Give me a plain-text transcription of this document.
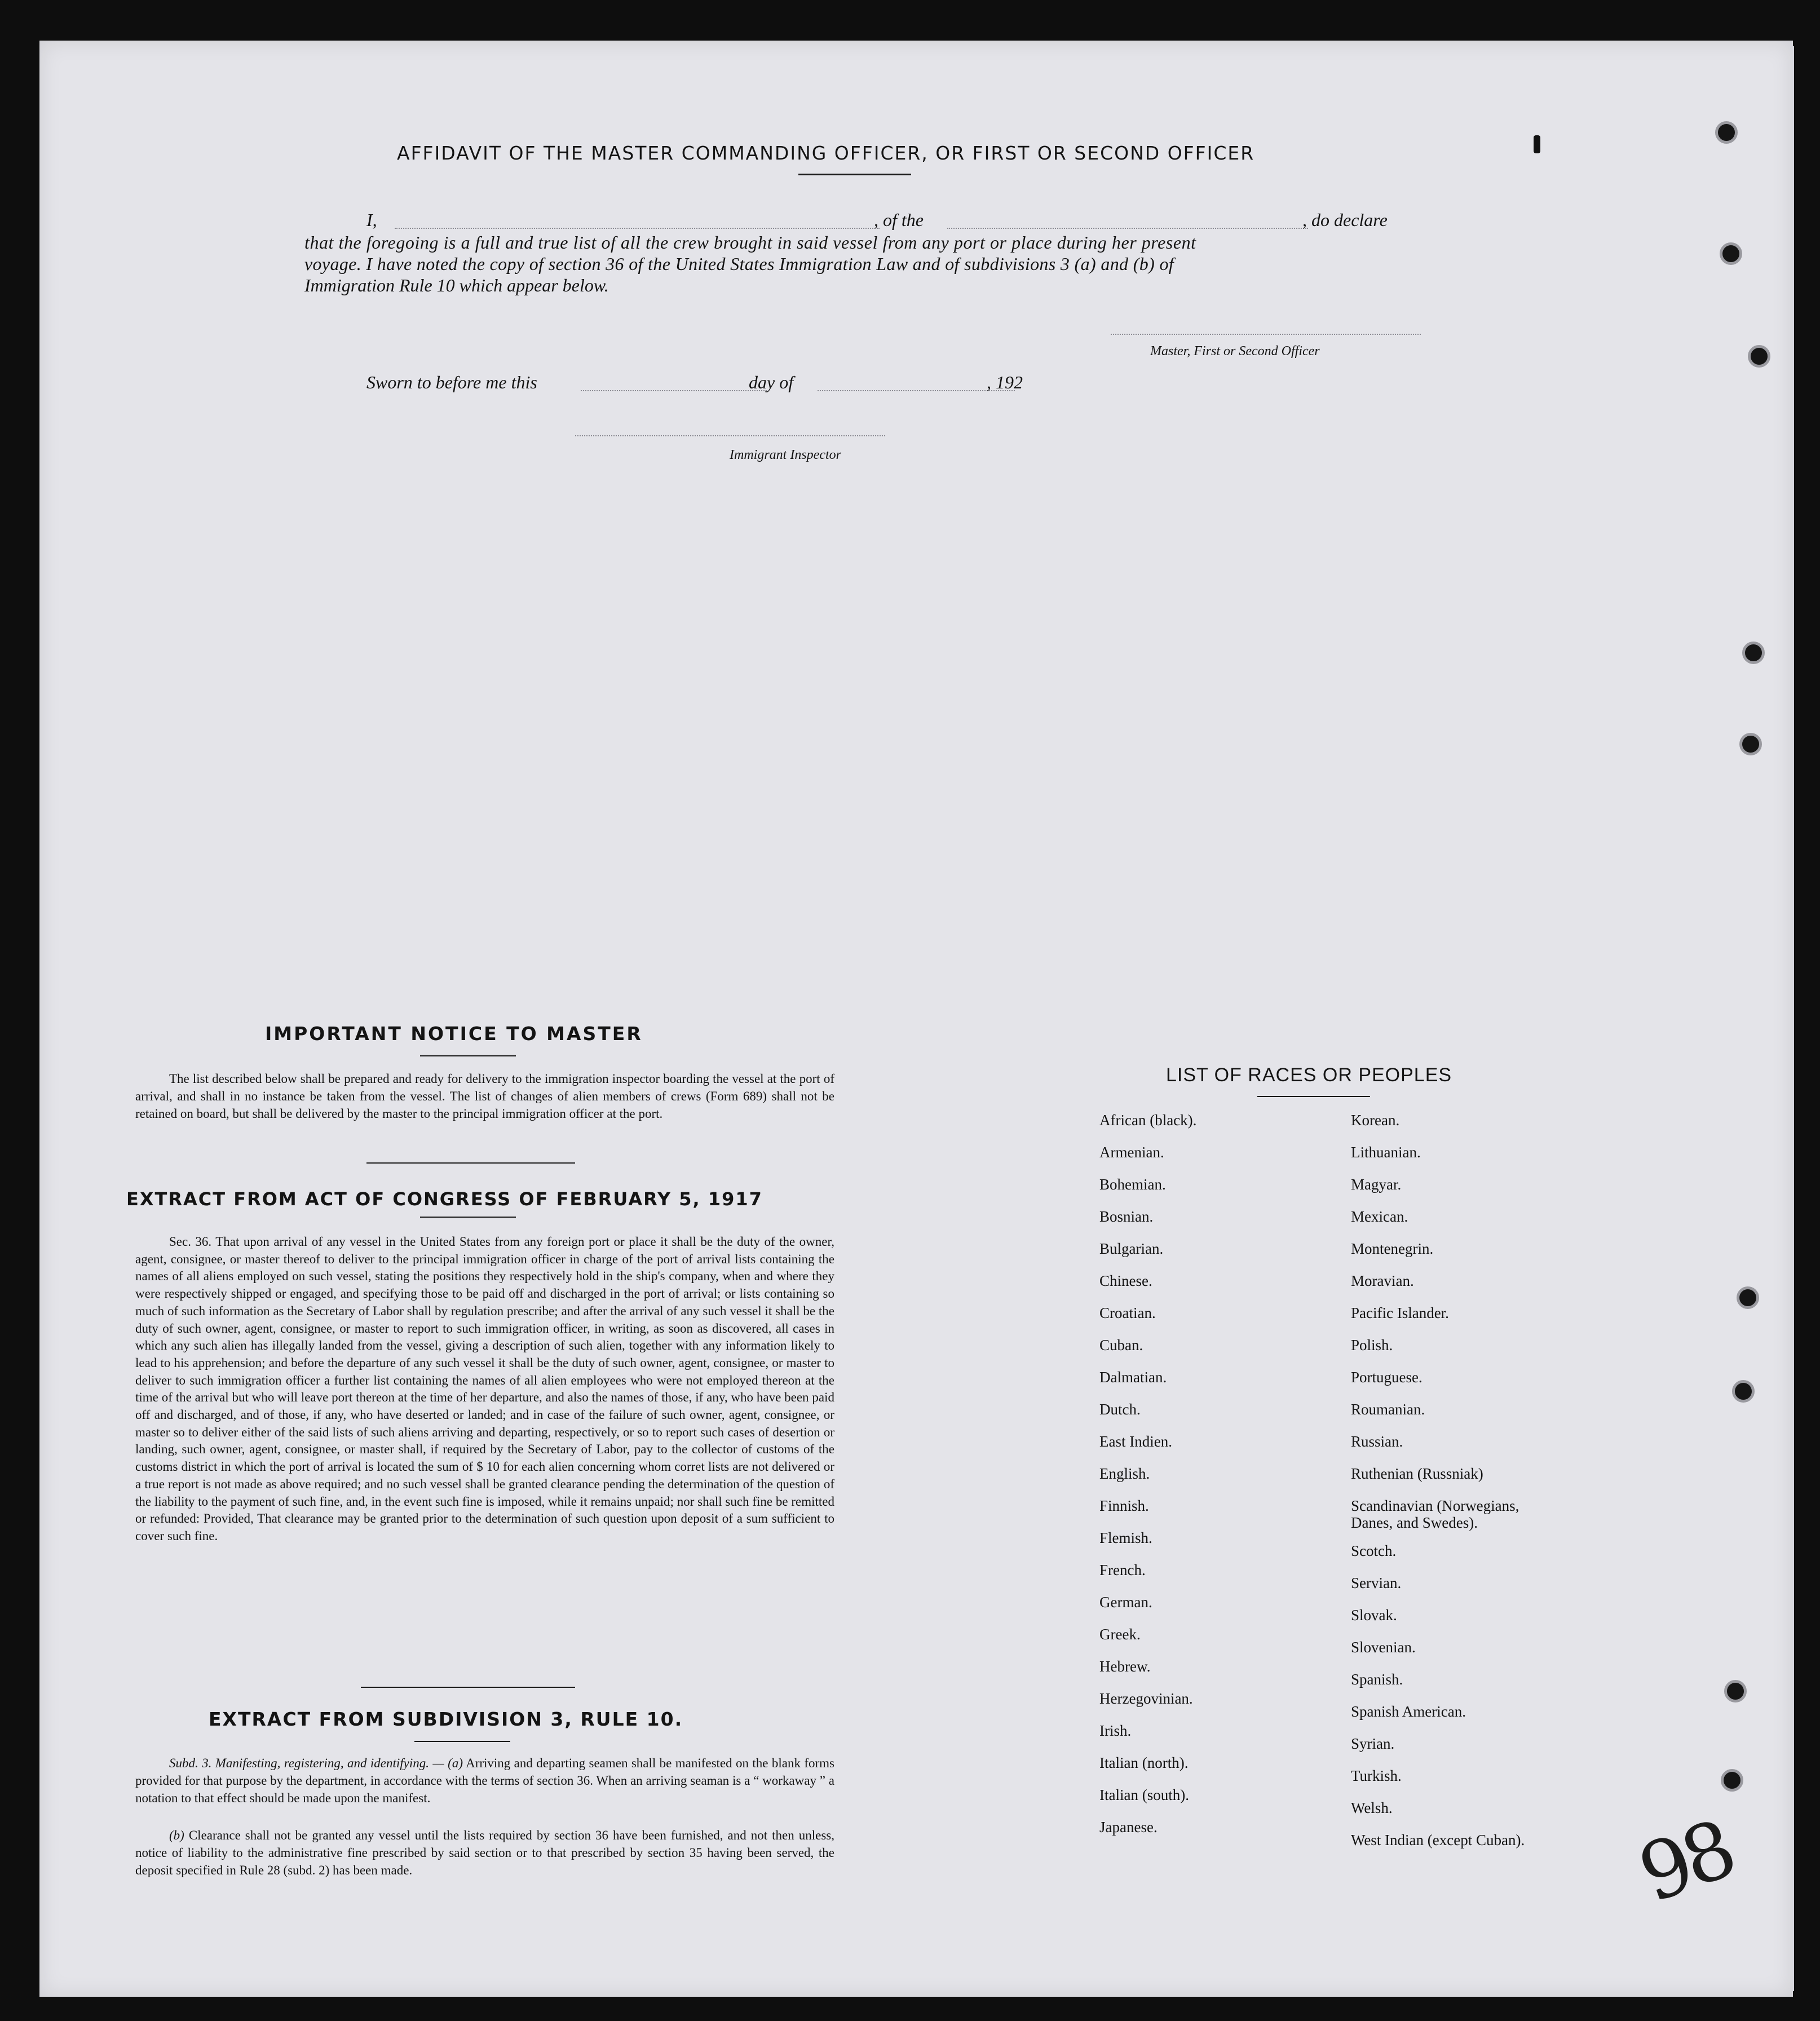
AFFIDAVIT OF THE MASTER COMMANDING OFFICER, OR FIRST OR SECOND OFFICER
I,	, of the	, do declare
that the foregoing is a full and true list of all the crew brought in said vessel from any port or place during her present
voyage. I have noted the copy of section 36 of the United States Immigration Law and of subdivisions 3 (a) and (b) of
Immigration Rule 10 which appear below.
Master, First or Second Officer
Sworn to before me this	day of	, 192
Immigrant Inspector
IMPORTANT NOTICE TO MASTER
The list described below shall be prepared and ready for delivery to the immigration inspector boarding the vessel at the port of arrival, and shall in no instance be taken from the vessel. The list of changes of alien members of crews (Form 689) shall not be retained on board, but shall be delivered by the master to the principal immigration officer at the port.
EXTRACT FROM ACT OF CONGRESS OF FEBRUARY 5, 1917
Sec. 36. That upon arrival of any vessel in the United States from any foreign port or place it shall be the duty of the owner, agent, consignee, or master thereof to deliver to the principal immigration officer in charge of the port of arrival lists containing the names of all aliens employed on such vessel, stating the positions they respectively hold in the ship's company, when and where they were respectively shipped or engaged, and specifying those to be paid off and discharged in the port of arrival; or lists containing so much of such information as the Secretary of Labor shall by regulation prescribe; and after the arrival of any such vessel it shall be the duty of such owner, agent, consignee, or master to report to such immigration officer, in writing, as soon as discovered, all cases in which any such alien has illegally landed from the vessel, giving a description of such alien, together with any information likely to lead to his apprehension; and before the departure of any such vessel it shall be the duty of such owner, agent, consignee, or master to deliver to such immigration officer a further list containing the names of all alien employees who were not employed thereon at the time of the arrival but who will leave port thereon at the time of her departure, and also the names of those, if any, who have been paid off and discharged, and of those, if any, who have deserted or landed; and in case of the failure of such owner, agent, consignee, or master so to deliver either of the said lists of such aliens arriving and departing, respectively, or so to report such cases of desertion or landing, such owner, agent, consignee, or master shall, if required by the Secretary of Labor, pay to the collector of customs of the customs district in which the port of arrival is located the sum of $ 10 for each alien concerning whom corret lists are not delivered or a true report is not made as above required; and no such vessel shall be granted clearance pending the determination of the question of the liability to the payment of such fine, and, in the event such fine is imposed, while it remains unpaid; nor shall such fine be remitted or refunded: Provided, That clearance may be granted prior to the determination of such question upon deposit of a sum sufficient to cover such fine.
EXTRACT FROM SUBDIVISION 3, RULE 10.
Subd. 3. Manifesting, registering, and identifying. — (a) Arriving and departing seamen shall be manifested on the blank forms provided for that purpose by the department, in accordance with the terms of section 36. When an arriving seaman is a “ workaway ” a notation to that effect should be made upon the manifest.
(b) Clearance shall not be granted any vessel until the lists required by section 36 have been furnished, and not then unless, notice of liability to the administrative fine prescribed by said section or to that prescribed by section 35 having been served, the deposit specified in Rule 28 (subd. 2) has been made.
LIST OF RACES OR PEOPLES
African (black).
Armenian.
Bohemian.
Bosnian.
Bulgarian.
Chinese.
Croatian.
Cuban.
Dalmatian.
Dutch.
East Indien.
English.
Finnish.
Flemish.
French.
German.
Greek.
Hebrew.
Herzegovinian.
Irish.
Italian (north).
Italian (south).
Japanese.
Korean.
Lithuanian.
Magyar.
Mexican.
Montenegrin.
Moravian.
Pacific Islander.
Polish.
Portuguese.
Roumanian.
Russian.
Ruthenian (Russniak)
Scandinavian (Norwegians,
Danes, and Swedes).
Scotch.
Servian.
Slovak.
Slovenian.
Spanish.
Spanish American.
Syrian.
Turkish.
Welsh.
West Indian (except Cuban). 98
